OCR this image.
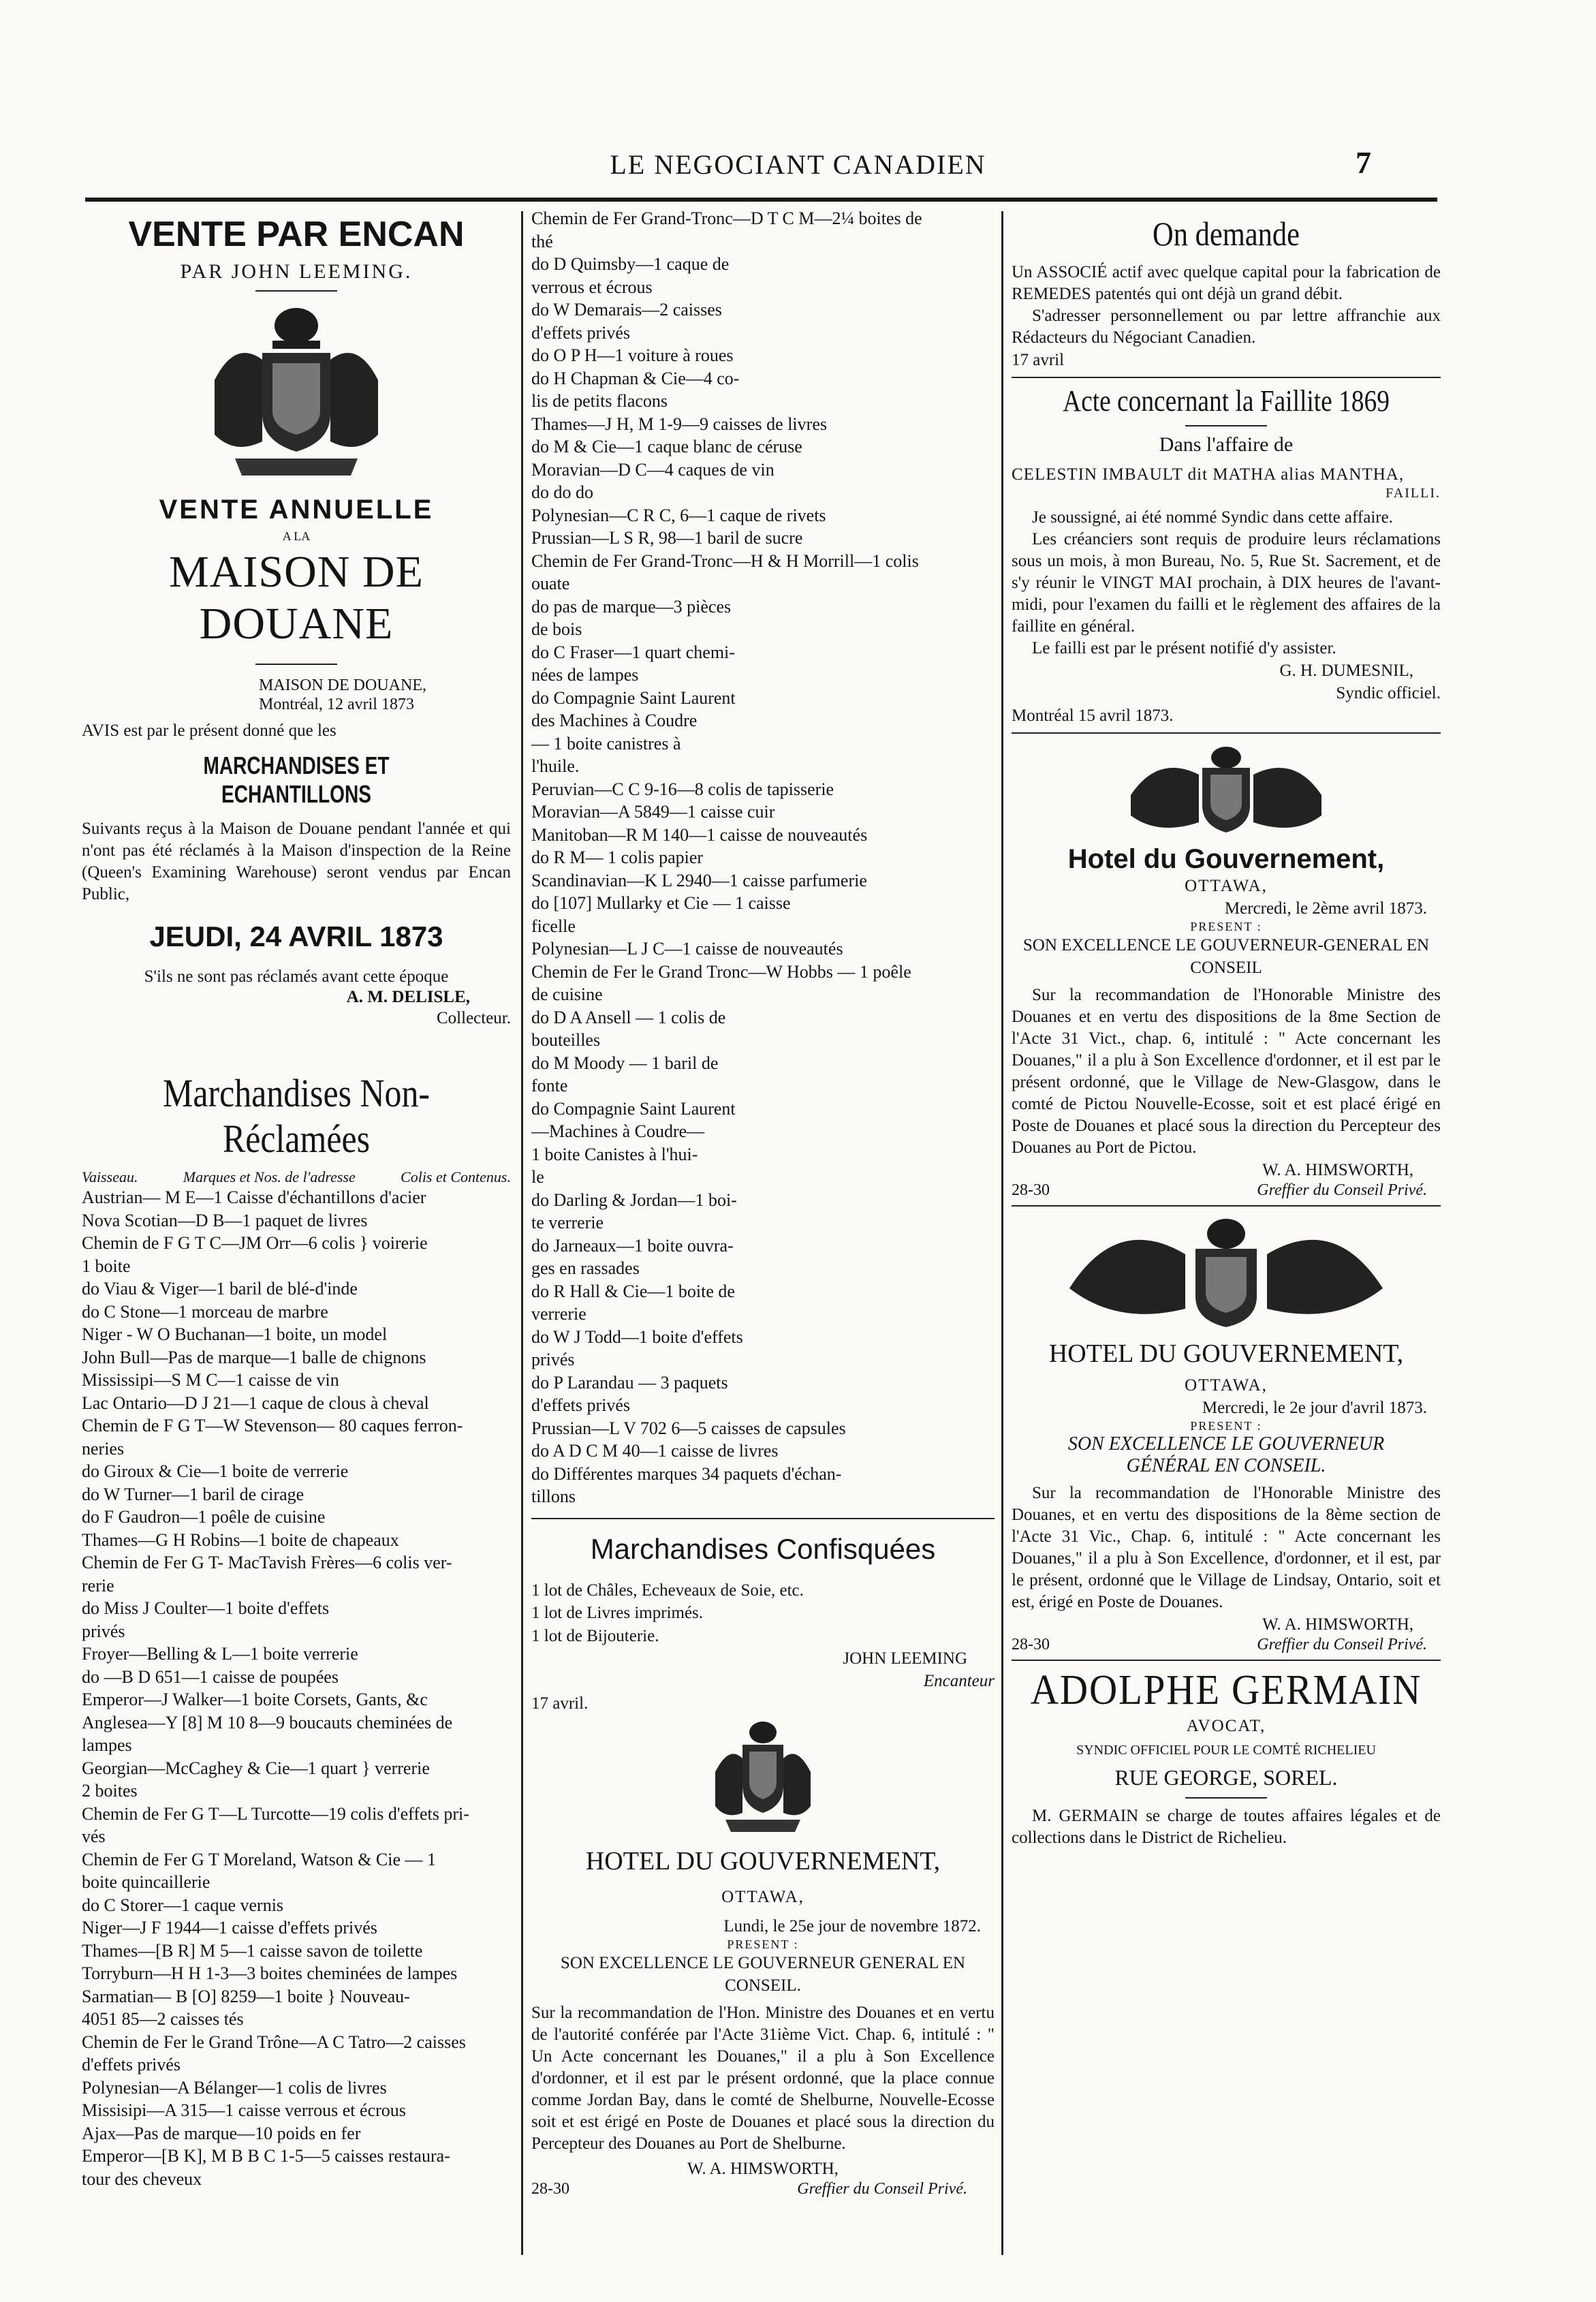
LE NEGOCIANT CANADIEN	7
VENTE PAR ENCAN
PAR JOHN LEEMING.
VENTE ANNUELLE
A LA
MAISON DE DOUANE
MAISON DE DOUANE,
Montréal, 12 avril 1873
AVIS est par le présent donné que les
MARCHANDISES ET ECHANTILLONS

Suivants reçus à la Maison de Douane pendant l'année et qui n'ont pas été réclamés à la Maison d'inspection de la Reine (Queen's Examining Warehouse) seront vendus par Encan Public,

JEUDI, 24 AVRIL 1873
S'ils ne sont pas réclamés avant cette époque
A. M. DELISLE,
Collecteur.
Marchandises Non-Réclamées
Vaisseau.	Marques et Nos. de l'adresse	Colis et Contenus.
Austrian— M E—1 Caisse d'échantillons d'acier
Nova Scotian—D B—1 paquet de livres
Chemin de F G T C—JM Orr—6 colis } voirerie
1 boite
do Viau & Viger—1 baril de blé-d'inde
do C Stone—1 morceau de marbre
Niger - W O Buchanan—1 boite, un model
John Bull—Pas de marque—1 balle de chignons
Mississipi—S M C—1 caisse de vin
Lac Ontario—D J 21—1 caque de clous à cheval
Chemin de F G T—W Stevenson— 80 caques ferron-
neries
do Giroux & Cie—1 boite de verrerie
do W Turner—1 baril de cirage
do F Gaudron—1 poêle de cuisine
Thames—G H Robins—1 boite de chapeaux
Chemin de Fer G T- MacTavish Frères—6 colis ver-
rerie
do Miss J Coulter—1 boite d'effets
privés
Froyer—Belling & L—1 boite verrerie
do —B D 651—1 caisse de poupées
Emperor—J Walker—1 boite Corsets, Gants, &c
Anglesea—Y [8] M 10 8—9 boucauts cheminées de
lampes
Georgian—McCaghey & Cie—1 quart } verrerie
2 boites
Chemin de Fer G T—L Turcotte—19 colis d'effets pri-
vés
Chemin de Fer G T Moreland, Watson & Cie — 1
boite quincaillerie
do C Storer—1 caque vernis
Niger—J F 1944—1 caisse d'effets privés
Thames—[B R] M 5—1 caisse savon de toilette
Torryburn—H H 1-3—3 boites cheminées de lampes
Sarmatian— B [O] 8259—1 boite } Nouveau-
4051 85—2 caisses tés
Chemin de Fer le Grand Trône—A C Tatro—2 caisses
d'effets privés
Polynesian—A Bélanger—1 colis de livres
Missisipi—A 315—1 caisse verrous et écrous
Ajax—Pas de marque—10 poids en fer
Emperor—[B K], M B B C 1-5—5 caisses restaura-
tour des cheveux
Chemin de Fer Grand-Tronc—D T C M—2¼ boites de
thé
do D Quimsby—1 caque de
verrous et écrous
do W Demarais—2 caisses
d'effets privés
do O P H—1 voiture à roues
do H Chapman & Cie—4 co-
lis de petits flacons
Thames—J H, M 1-9—9 caisses de livres
do M & Cie—1 caque blanc de céruse
Moravian—D C—4 caques de vin
do do do
Polynesian—C R C, 6—1 caque de rivets
Prussian—L S R, 98—1 baril de sucre
Chemin de Fer Grand-Tronc—H & H Morrill—1 colis
ouate
do pas de marque—3 pièces
de bois
do C Fraser—1 quart chemi-
nées de lampes
do Compagnie Saint Laurent
des Machines à Coudre
— 1 boite canistres à
l'huile.
Peruvian—C C 9-16—8 colis de tapisserie
Moravian—A 5849—1 caisse cuir
Manitoban—R M 140—1 caisse de nouveautés
do R M— 1 colis papier
Scandinavian—K L 2940—1 caisse parfumerie
do [107] Mullarky et Cie — 1 caisse
ficelle
Polynesian—L J C—1 caisse de nouveautés
Chemin de Fer le Grand Tronc—W Hobbs — 1 poêle
de cuisine
do D A Ansell — 1 colis de
bouteilles
do M Moody — 1 baril de
fonte
do Compagnie Saint Laurent
—Machines à Coudre—
1 boite Canistes à l'hui-
le
do Darling & Jordan—1 boi-
te verrerie
do Jarneaux—1 boite ouvra-
ges en rassades
do R Hall & Cie—1 boite de
verrerie
do W J Todd—1 boite d'effets
privés
do P Larandau — 3 paquets
d'effets privés
Prussian—L V 702 6—5 caisses de capsules
do A D C M 40—1 caisse de livres
do Différentes marques 34 paquets d'échan-
tillons
Marchandises Confisquées
1 lot de Châles, Echeveaux de Soie, etc.
1 lot de Livres imprimés.
1 lot de Bijouterie.
JOHN LEEMING
Encanteur
17 avril.
HOTEL DU GOUVERNEMENT,
OTTAWA,
Lundi, le 25e jour de novembre 1872.
PRESENT :
SON EXCELLENCE LE GOUVERNEUR GENERAL EN CONSEIL.

Sur la recommandation de l'Hon. Ministre des Douanes et en vertu de l'autorité conférée par l'Acte 31ième Vict. Chap. 6, intitulé : " Un Acte concernant les Douanes," il a plu à Son Excellence d'ordonner, et il est par le présent ordonné, que la place connue comme Jordan Bay, dans le comté de Shelburne, Nouvelle-Ecosse soit et est érigé en Poste de Douanes et placé sous la direction du Percepteur des Douanes au Port de Shelburne.

W. A. HIMSWORTH,
28-30	Greffier du Conseil Privé.
On demande

Un ASSOCIÉ actif avec quelque capital pour la fabrication de REMEDES patentés qui ont déjà un grand débit.

S'adresser personnellement ou par lettre affranchie aux Rédacteurs du Négociant Canadien.

17 avril
Acte concernant la Faillite 1869
Dans l'affaire de
CELESTIN IMBAULT dit MATHA alias MANTHA,
FAILLI.

Je soussigné, ai été nommé Syndic dans cette affaire.

Les créanciers sont requis de produire leurs réclamations sous un mois, à mon Bureau, No. 5, Rue St. Sacrement, et de s'y réunir le VINGT MAI prochain, à DIX heures de l'avant-midi, pour l'examen du failli et le règlement des affaires de la faillite en général.

Le failli est par le présent notifié d'y assister.

G. H. DUMESNIL,
Syndic officiel.
Montréal 15 avril 1873.
Hotel du Gouvernement,
OTTAWA,
Mercredi, le 2ème avril 1873.
PRESENT :
SON EXCELLENCE LE GOUVERNEUR-GENERAL EN CONSEIL

Sur la recommandation de l'Honorable Ministre des Douanes et en vertu des dispositions de la 8me Section de l'Acte 31 Vict., chap. 6, intitulé : " Acte concernant les Douanes," il a plu à Son Excellence d'ordonner, et il est par le présent ordonné, que le Village de New-Glasgow, dans le comté de Pictou Nouvelle-Ecosse, soit et est placé érigé en Poste de Douanes et placé sous la direction du Percepteur des Douanes au Port de Pictou.

W. A. HIMSWORTH,
28-30	Greffier du Conseil Privé.
HOTEL DU GOUVERNEMENT,
OTTAWA,
Mercredi, le 2e jour d'avril 1873.
PRESENT :
SON EXCELLENCE LE GOUVERNEUR
GÉNÉRAL EN CONSEIL.

Sur la recommandation de l'Honorable Ministre des Douanes, et en vertu des dispositions de la 8ème section de l'Acte 31 Vic., Chap. 6, intitulé : " Acte concernant les Douanes," il a plu à Son Excellence, d'ordonner, et il est, par le présent, ordonné que le Village de Lindsay, Ontario, soit et est, érigé en Poste de Douanes.

W. A. HIMSWORTH,
28-30	Greffier du Conseil Privé.
ADOLPHE GERMAIN
AVOCAT,
SYNDIC OFFICIEL POUR LE COMTÉ RICHELIEU
RUE GEORGE, SOREL.

M. GERMAIN se charge de toutes affaires légales et de collections dans le District de Richelieu.
